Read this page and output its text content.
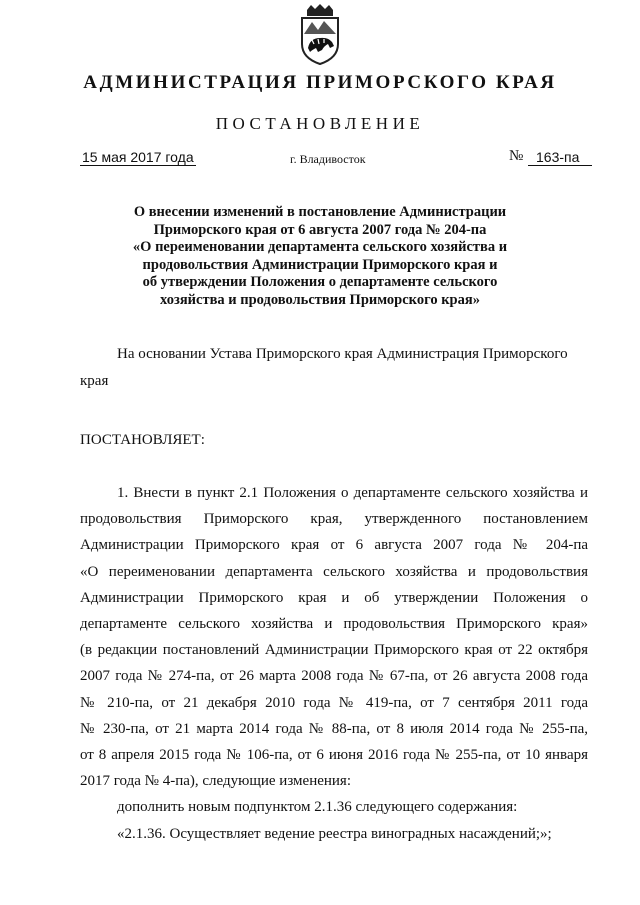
АДМИНИСТРАЦИЯ ПРИМОРСКОГО КРАЯ
ПОСТАНОВЛЕНИЕ
15 мая 2017 года	г. Владивосток	№ 163-па
О внесении изменений в постановление Администрации
Приморского края от 6 августа 2007 года № 204-па
«О переименовании департамента сельского хозяйства и
продовольствия Администрации Приморского края и
об утверждении Положения о департаменте сельского
хозяйства и продовольствия Приморского края»
На основании Устава Приморского края Администрация Приморского
края
ПОСТАНОВЛЯЕТ:
1. Внести в пункт 2.1 Положения о департаменте сельского хозяйства и
продовольствия Приморского края, утвержденного постановлением
Администрации Приморского края от 6 августа 2007 года № 204-па
«О переименовании департамента сельского хозяйства и продовольствия
Администрации Приморского края и об утверждении Положения о
департаменте сельского хозяйства и продовольствия Приморского края»
(в редакции постановлений Администрации Приморского края от 22 октября
2007 года № 274-па, от 26 марта 2008 года № 67-па, от 26 августа 2008 года
№ 210-па, от 21 декабря 2010 года № 419-па, от 7 сентября 2011 года
№ 230-па, от 21 марта 2014 года № 88-па, от 8 июля 2014 года № 255-па,
от 8 апреля 2015 года № 106-па, от 6 июня 2016 года № 255-па, от 10 января
2017 года № 4-па), следующие изменения:
дополнить новым подпунктом 2.1.36 следующего содержания:
«2.1.36. Осуществляет ведение реестра виноградных насаждений;»;
